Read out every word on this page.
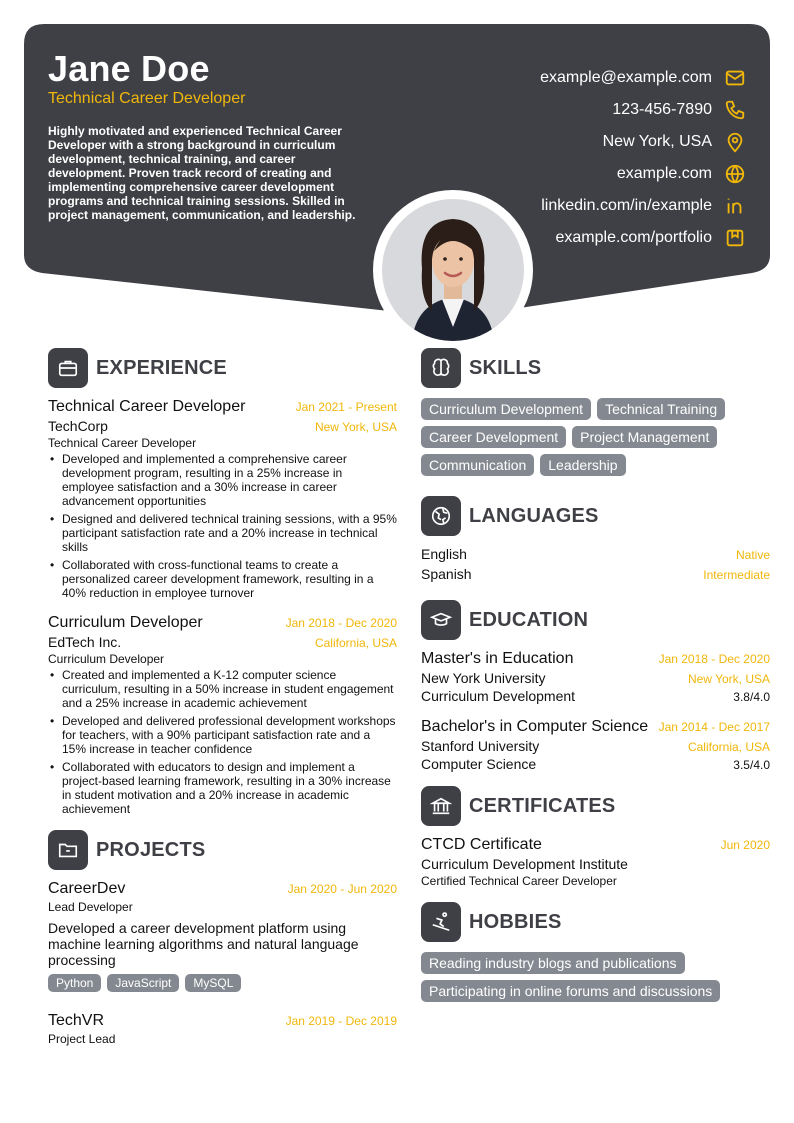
Jane Doe
Technical Career Developer
Highly motivated and experienced Technical Career Developer with a strong background in curriculum development, technical training, and career development. Proven track record of creating and implementing comprehensive career development programs and technical training sessions. Skilled in project management, communication, and leadership.
example@example.com
123-456-7890
New York, USA
example.com
linkedin.com/in/example
example.com/portfolio
EXPERIENCE
Technical Career Developer	Jan 2021 - Present
TechCorp	New York, USA
Technical Career Developer
• Developed and implemented a comprehensive career development program, resulting in a 25% increase in employee satisfaction and a 30% increase in career advancement opportunities
• Designed and delivered technical training sessions, with a 95% participant satisfaction rate and a 20% increase in technical skills
• Collaborated with cross-functional teams to create a personalized career development framework, resulting in a 40% reduction in employee turnover
Curriculum Developer	Jan 2018 - Dec 2020
EdTech Inc.	California, USA
Curriculum Developer
• Created and implemented a K-12 computer science curriculum, resulting in a 50% increase in student engagement and a 25% increase in academic achievement
• Developed and delivered professional development workshops for teachers, with a 90% participant satisfaction rate and a 15% increase in teacher confidence
• Collaborated with educators to design and implement a project-based learning framework, resulting in a 30% increase in student motivation and a 20% increase in academic achievement
PROJECTS
CareerDev	Jan 2020 - Jun 2020
Lead Developer
Developed a career development platform using machine learning algorithms and natural language processing
Python	JavaScript	MySQL
TechVR	Jan 2019 - Dec 2019
Project Lead
SKILLS
Curriculum Development	Technical Training
Career Development	Project Management
Communication	Leadership
LANGUAGES
English	Native
Spanish	Intermediate
EDUCATION
Master's in Education	Jan 2018 - Dec 2020
New York University	New York, USA
Curriculum Development	3.8/4.0
Bachelor's in Computer Science Jan 2014 - Dec 2017
Stanford University	California, USA
Computer Science	3.5/4.0
CERTIFICATES
CTCD Certificate	Jun 2020
Curriculum Development Institute
Certified Technical Career Developer
HOBBIES
Reading industry blogs and publications
Participating in online forums and discussions
